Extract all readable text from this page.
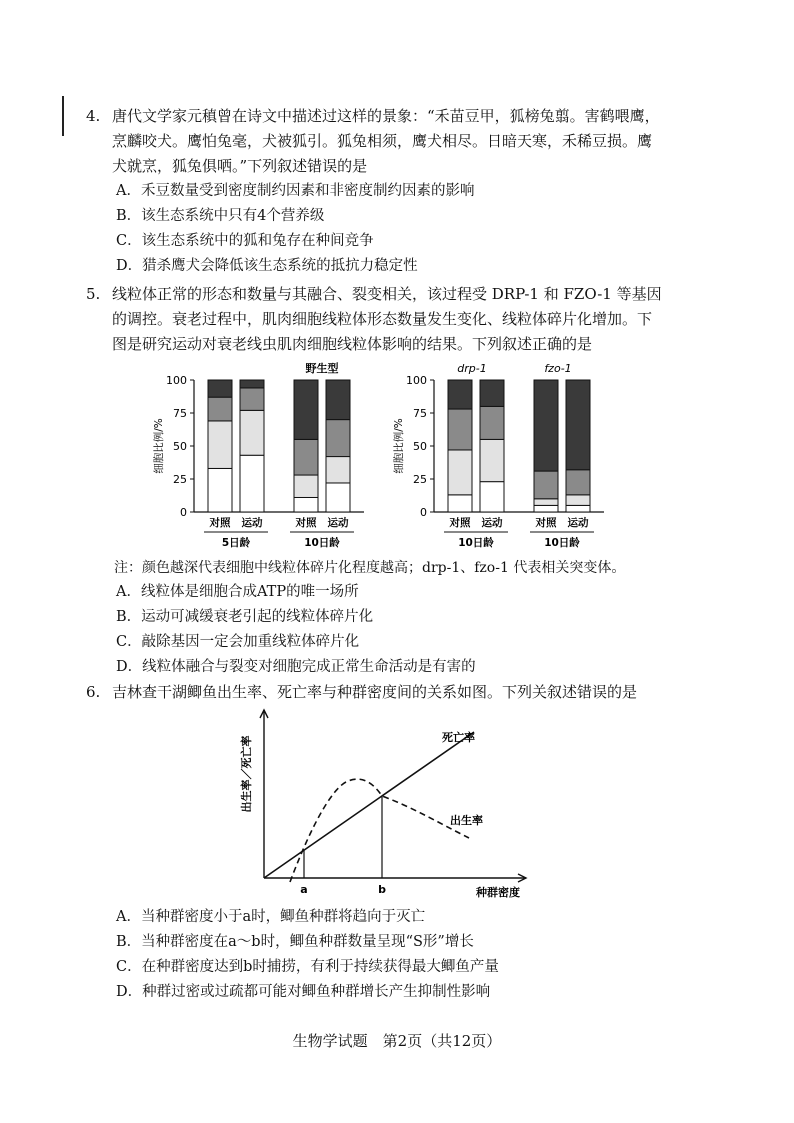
4. 唐代文学家元稹曾在诗文中描述过这样的景象：“禾苗豆甲，狐榜兔翦。害鹤喂鹰，
烹麟咬犬。鹰怕兔毫，犬被狐引。狐兔相须，鹰犬相尽。日暗天寒，禾稀豆损。鹰
犬就烹，狐兔俱哂。”下列叙述错误的是
A．禾豆数量受到密度制约因素和非密度制约因素的影响
B．该生态系统中只有4个营养级
C．该生态系统中的狐和兔存在种间竞争
D．猎杀鹰犬会降低该生态系统的抵抗力稳定性
5. 线粒体正常的形态和数量与其融合、裂变相关，该过程受 DRP-1 和 FZO-1 等基因
的调控。衰老过程中，肌肉细胞线粒体形态数量发生变化、线粒体碎片化增加。下
图是研究运动对衰老线虫肌肉细胞线粒体影响的结果。下列叙述正确的是
0
25
50
75
100
细胞比例/%
对照 运动	对照 运动
5日龄	10日龄
野生型
0
25
50
75
100
细胞比例/%
对照 运动	对照 运动
10日龄	10日龄
drp-1	fzo-1
注：颜色越深代表细胞中线粒体碎片化程度越高；drp-1、fzo-1 代表相关突变体。
A．线粒体是细胞合成ATP的唯一场所
B．运动可减缓衰老引起的线粒体碎片化
C．敲除基因一定会加重线粒体碎片化
D．线粒体融合与裂变对细胞完成正常生命活动是有害的
6. 吉林查干湖鲫鱼出生率、死亡率与种群密度间的关系如图。下列关叙述错误的是
a	b
死亡率
出生率
种群密度
出生率／死亡率
A．当种群密度小于a时，鲫鱼种群将趋向于灭亡
B．当种群密度在a～b时，鲫鱼种群数量呈现“S形”增长
C．在种群密度达到b时捕捞，有利于持续获得最大鲫鱼产量
D．种群过密或过疏都可能对鲫鱼种群增长产生抑制性影响
生物学试题　第2页（共12页）
